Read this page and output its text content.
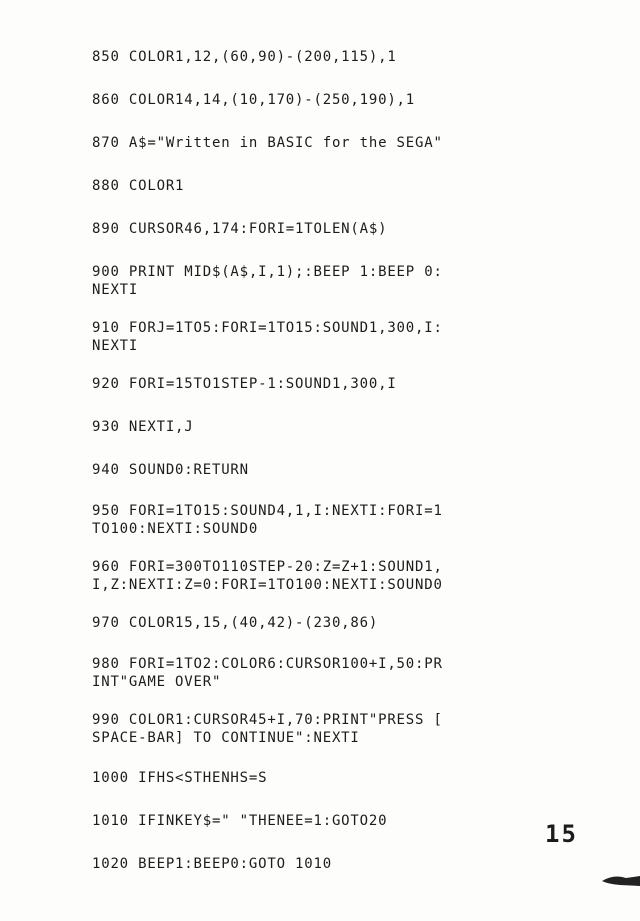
850 COLOR1,12,(60,90)-(200,115),1
860 COLOR14,14,(10,170)-(250,190),1
870 A$="Written in BASIC for the SEGA"
880 COLOR1
890 CURSOR46,174:FORI=1TOLEN(A$)
900 PRINT MID$(A$,I,1);:BEEP 1:BEEP 0:
NEXTI
910 FORJ=1TO5:FORI=1TO15:SOUND1,300,I:
NEXTI
920 FORI=15TO1STEP-1:SOUND1,300,I
930 NEXTI,J
940 SOUND0:RETURN
950 FORI=1TO15:SOUND4,1,I:NEXTI:FORI=1
TO100:NEXTI:SOUND0
960 FORI=300TO110STEP-20:Z=Z+1:SOUND1,
I,Z:NEXTI:Z=0:FORI=1TO100:NEXTI:SOUND0
970 COLOR15,15,(40,42)-(230,86)
980 FORI=1TO2:COLOR6:CURSOR100+I,50:PR
INT"GAME OVER"
990 COLOR1:CURSOR45+I,70:PRINT"PRESS [
SPACE-BAR] TO CONTINUE":NEXTI
1000 IFHS<STHENHS=S
1010 IFINKEY$=" "THENEE=1:GOTO20
1020 BEEP1:BEEP0:GOTO 1010
15
